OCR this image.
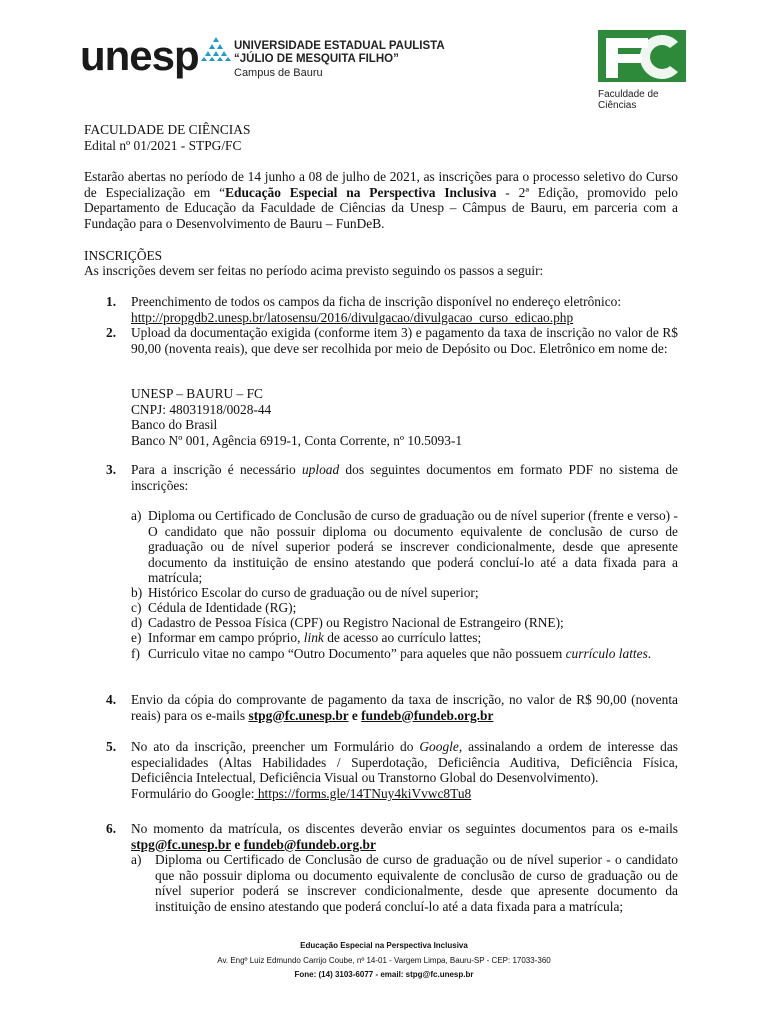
unesp	UNIVERSIDADE ESTADUAL PAULISTA
“JÚLIO DE MESQUITA FILHO”
Campus de Bauru
Faculdade de Ciências
FACULDADE DE CIÊNCIAS
Edital nº 01/2021 - STPG/FC
Estarão abertas no período de 14 junho a 08 de julho de 2021, as inscrições para o processo seletivo do Curso de Especialização em “Educação Especial na Perspectiva Inclusiva - 2ª Edição, promovido pelo Departamento de Educação da Faculdade de Ciências da Unesp – Câmpus de Bauru, em parceria com a Fundação para o Desenvolvimento de Bauru – FunDeB.
INSCRIÇÕES
As inscrições devem ser feitas no período acima previsto seguindo os passos a seguir:
1. Preenchimento de todos os campos da ficha de inscrição disponível no endereço eletrônico:
http://propgdb2.unesp.br/latosensu/2016/divulgacao/divulgacao_curso_edicao.php
2. Upload da documentação exigida (conforme item 3) e pagamento da taxa de inscrição no valor de R$ 90,00 (noventa reais), que deve ser recolhida por meio de Depósito ou Doc. Eletrônico em nome de:
UNESP – BAURU – FC
CNPJ: 48031918/0028-44
Banco do Brasil
Banco Nº 001, Agência 6919-1, Conta Corrente, nº 10.5093-1
3. Para a inscrição é necessário upload dos seguintes documentos em formato PDF no sistema de inscrições:
a) Diploma ou Certificado de Conclusão de curso de graduação ou de nível superior (frente e verso) - O candidato que não possuir diploma ou documento equivalente de conclusão de curso de graduação ou de nível superior poderá se inscrever condicionalmente, desde que apresente documento da instituição de ensino atestando que poderá concluí-lo até a data fixada para a matrícula;
b) Histórico Escolar do curso de graduação ou de nível superior;
c) Cédula de Identidade (RG);
d) Cadastro de Pessoa Física (CPF) ou Registro Nacional de Estrangeiro (RNE);
e) Informar em campo próprio, link de acesso ao currículo lattes;
f) Curriculo vitae no campo “Outro Documento” para aqueles que não possuem currículo lattes.
4. Envio da cópia do comprovante de pagamento da taxa de inscrição, no valor de R$ 90,00 (noventa reais) para os e-mails stpg@fc.unesp.br e fundeb@fundeb.org.br
5. No ato da inscrição, preencher um Formulário do Google, assinalando a ordem de interesse das especialidades (Altas Habilidades / Superdotação, Deficiência Auditiva, Deficiência Física, Deficiência Intelectual, Deficiência Visual ou Transtorno Global do Desenvolvimento).
Formulário do Google: https://forms.gle/14TNuy4kiVvwc8Tu8
6. No momento da matrícula, os discentes deverão enviar os seguintes documentos para os e-mails stpg@fc.unesp.br e fundeb@fundeb.org.br
a) Diploma ou Certificado de Conclusão de curso de graduação ou de nível superior - o candidato que não possuir diploma ou documento equivalente de conclusão de curso de graduação ou de nível superior poderá se inscrever condicionalmente, desde que apresente documento da instituição de ensino atestando que poderá concluí-lo até a data fixada para a matrícula;
Educação Especial na Perspectiva Inclusiva
Av. Engº Luiz Edmundo Carrijo Coube, nº 14-01 - Vargem Limpa, Bauru-SP - CEP: 17033-360
Fone: (14) 3103-6077 - email: stpg@fc.unesp.br
